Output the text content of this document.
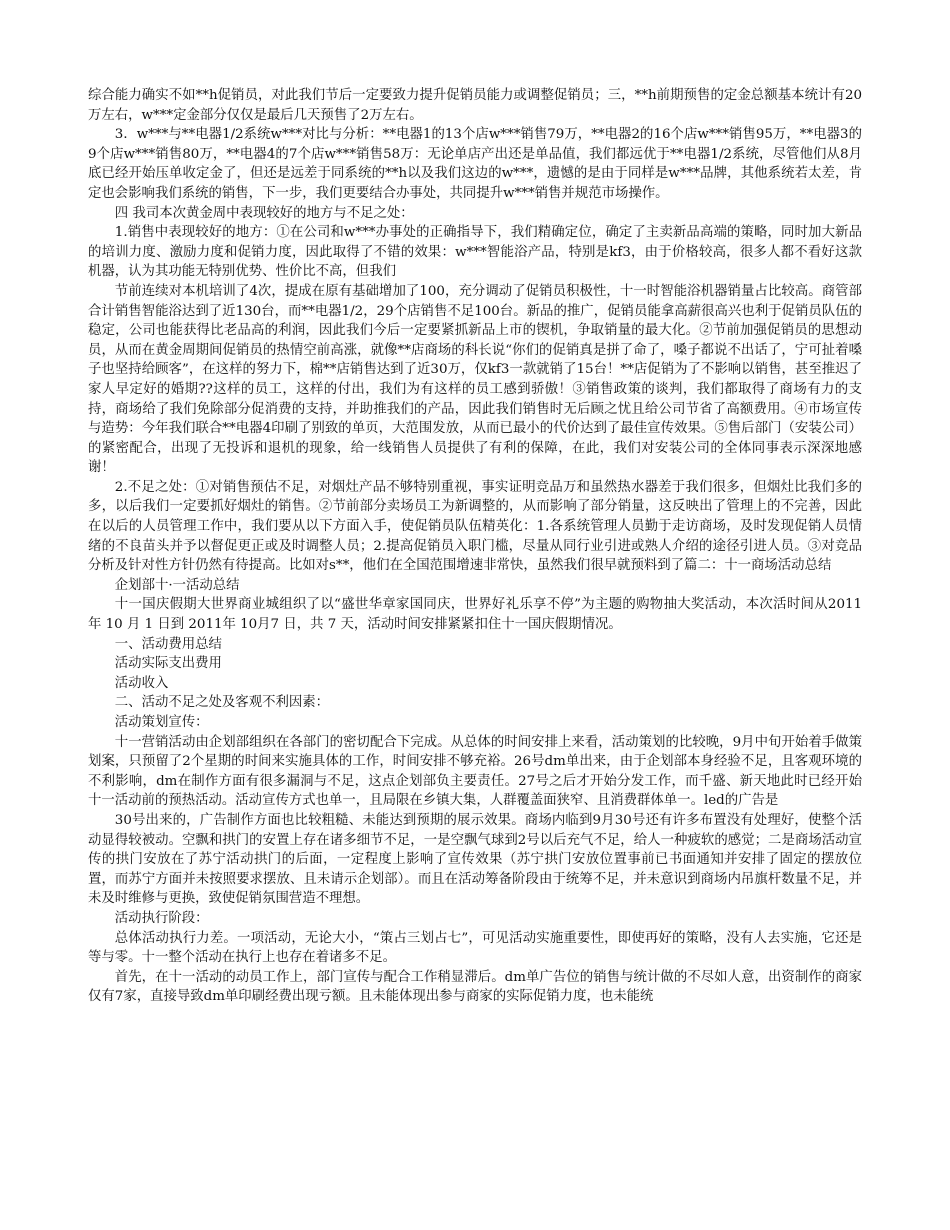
综合能力确实不如**h促销员，对此我们节后一定要致力提升促销员能力或调整促销员；三，**h前期预售的定金总额基本统计有20万左右，w***定金部分仅仅是最后几天预售了2万左右。

3．w***与**电器1/2系统w***对比与分析：**电器1的13个店w***销售79万，**电器2的16个店w***销售95万，**电器3的9个店w***销售80万，**电器4的7个店w***销售58万：无论单店产出还是单品值，我们都远优于**电器1/2系统，尽管他们从8月底已经开始压单收定金了，但还是远差于同系统的**h以及我们这边的w***，遗憾的是由于同样是w***品牌，其他系统若太差，肯定也会影响我们系统的销售，下一步，我们更要结合办事处，共同提升w***销售并规范市场操作。

四 我司本次黄金周中表现较好的地方与不足之处：

1.销售中表现较好的地方：①在公司和w***办事处的正确指导下，我们精确定位，确定了主卖新品高端的策略，同时加大新品的培训力度、激励力度和促销力度，因此取得了不错的效果：w***智能浴产品，特别是kf3，由于价格较高，很多人都不看好这款机器，认为其功能无特别优势、性价比不高，但我们

节前连续对本机培训了4次，提成在原有基础增加了100，充分调动了促销员积极性，十一时智能浴机器销量占比较高。商管部合计销售智能浴达到了近130台，而**电器1/2，29个店销售不足100台。新品的推广，促销员能拿高薪很高兴也利于促销员队伍的稳定，公司也能获得比老品高的利润，因此我们今后一定要紧抓新品上市的锲机，争取销量的最大化。②节前加强促销员的思想动员，从而在黄金周期间促销员的热情空前高涨，就像**店商场的科长说“你们的促销真是拼了命了，嗓子都说不出话了，宁可扯着嗓子也坚持给顾客”，在这样的努力下，棉**店销售达到了近30万，仅kf3一款就销了15台！**店促销为了不影响以销售，甚至推迟了家人早定好的婚期??这样的员工，这样的付出，我们为有这样的员工感到骄傲！③销售政策的谈判，我们都取得了商场有力的支持，商场给了我们免除部分促消费的支持，并助推我们的产品，因此我们销售时无后顾之忧且给公司节省了高额费用。④市场宣传与造势：今年我们联合**电器4印刷了别致的单页，大范围发放，从而已最小的代价达到了最佳宣传效果。⑤售后部门（安装公司）的紧密配合，出现了无投诉和退机的现象，给一线销售人员提供了有利的保障，在此，我们对安装公司的全体同事表示深深地感谢！

2.不足之处：①对销售预估不足，对烟灶产品不够特别重视，事实证明竞品万和虽然热水器差于我们很多，但烟灶比我们多的多，以后我们一定要抓好烟灶的销售。②节前部分卖场员工为新调整的，从而影响了部分销量，这反映出了管理上的不完善，因此在以后的人员管理工作中，我们要从以下方面入手，使促销员队伍精英化：1.各系统管理人员勤于走访商场，及时发现促销人员情绪的不良苗头并予以督促更正或及时调整人员；2.提高促销员入职门槛，尽量从同行业引进或熟人介绍的途径引进人员。③对竞品分析及针对性方针仍然有待提高。比如对s**，他们在全国范围增速非常快，虽然我们很早就预料到了篇二：十一商场活动总结

企划部十·一活动总结

十一国庆假期大世界商业城组织了以“盛世华章家国同庆，世界好礼乐享不停”为主题的购物抽大奖活动，本次活时间从2011 年 10 月 1 日到 2011年 10月7 日，共 7 天，活动时间安排紧紧扣住十一国庆假期情况。

一、活动费用总结

活动实际支出费用

活动收入

二、活动不足之处及客观不利因素：

活动策划宣传：

十一营销活动由企划部组织在各部门的密切配合下完成。从总体的时间安排上来看，活动策划的比较晚，9月中旬开始着手做策划案，只预留了2个星期的时间来实施具体的工作，时间安排不够充裕。26号dm单出来，由于企划部本身经验不足，且客观环境的不利影响，dm在制作方面有很多漏洞与不足，这点企划部负主要责任。27号之后才开始分发工作，而千盛、新天地此时已经开始十一活动前的预热活动。活动宣传方式也单一，且局限在乡镇大集，人群覆盖面狭窄、且消费群体单一。led的广告是

30号出来的，广告制作方面也比较粗糙、未能达到预期的展示效果。商场内临到9月30号还有许多布置没有处理好，使整个活动显得较被动。空飘和拱门的安置上存在诸多细节不足，一是空飘气球到2号以后充气不足，给人一种疲软的感觉；二是商场活动宣传的拱门安放在了苏宁活动拱门的后面，一定程度上影响了宣传效果（苏宁拱门安放位置事前已书面通知并安排了固定的摆放位置，而苏宁方面并未按照要求摆放、且未请示企划部）。而且在活动筹备阶段由于统筹不足，并未意识到商场内吊旗杆数量不足，并未及时维修与更换，致使促销氛围营造不理想。

活动执行阶段：

总体活动执行力差。一项活动，无论大小，“策占三划占七”，可见活动实施重要性，即使再好的策略，没有人去实施，它还是等与零。十一整个活动在执行上也存在着诸多不足。

首先，在十一活动的动员工作上，部门宣传与配合工作稍显滞后。dm单广告位的销售与统计做的不尽如人意，出资制作的商家仅有7家，直接导致dm单印刷经费出现亏额。且未能体现出参与商家的实际促销力度，也未能统
